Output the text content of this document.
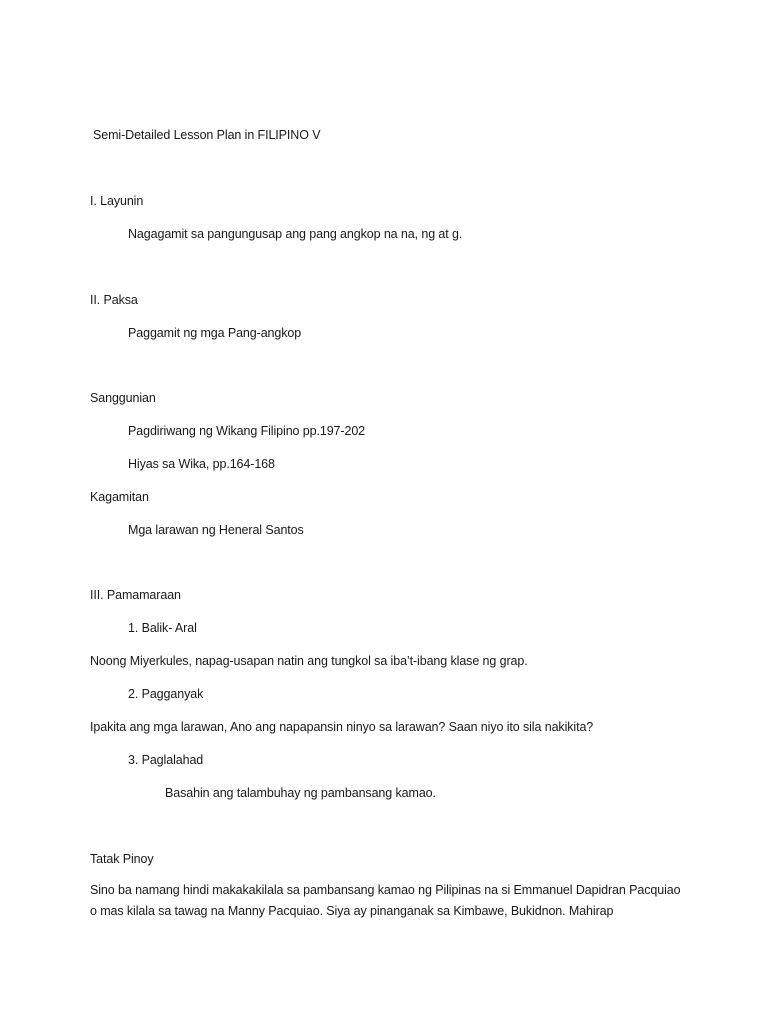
Semi-Detailed Lesson Plan in FILIPINO V
I. Layunin
Nagagamit sa pangungusap ang pang angkop na na, ng at g.
II. Paksa
Paggamit ng mga Pang-angkop
Sanggunian
Pagdiriwang ng Wikang Filipino pp.197-202
Hiyas sa Wika, pp.164-168
Kagamitan
Mga larawan ng Heneral Santos
III. Pamamaraan
1. Balik- Aral
Noong Miyerkules, napag-usapan natin ang tungkol sa iba’t-ibang klase ng grap.
2. Pagganyak
Ipakita ang mga larawan, Ano ang napapansin ninyo sa larawan? Saan niyo ito sila nakikita?
3. Paglalahad
Basahin ang talambuhay ng pambansang kamao.
Tatak Pinoy
Sino ba namang hindi makakakilala sa pambansang kamao ng Pilipinas na si Emmanuel Dapidran Pacquiao o mas kilala sa tawag na Manny Pacquiao. Siya ay pinanganak sa Kimbawe, Bukidnon. Mahirap
